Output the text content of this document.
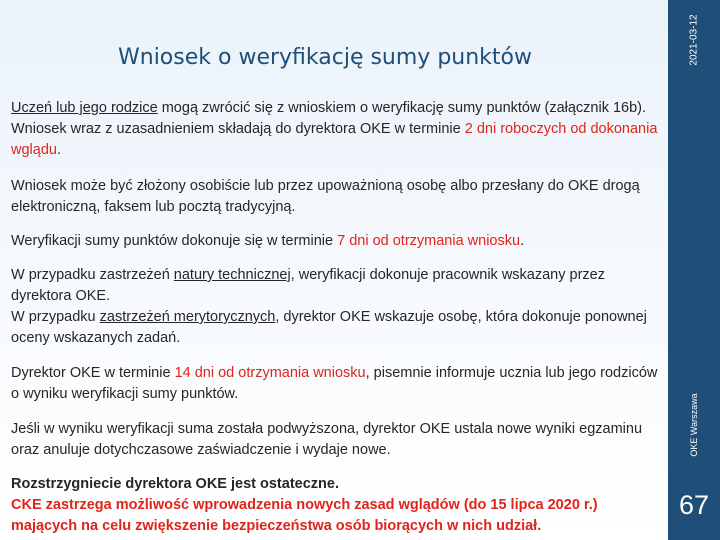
2021-03-12
OKE Warszawa
67
Wniosek o weryfikację sumy punktów

Uczeń lub jego rodzice mogą zwrócić się z wnioskiem o weryfikację sumy punktów (załącznik 16b). Wniosek wraz z uzasadnieniem składają do dyrektora OKE w terminie 2 dni roboczych od dokonania wglądu.

Wniosek może być złożony osobiście lub przez upoważnioną osobę albo przesłany do OKE drogą elektroniczną, faksem lub pocztą tradycyjną.

Weryfikacji sumy punktów dokonuje się w terminie 7 dni od otrzymania wniosku.

W przypadku zastrzeżeń natury technicznej, weryfikacji dokonuje pracownik wskazany przez dyrektora OKE.
W przypadku zastrzeżeń merytorycznych, dyrektor OKE wskazuje osobę, która dokonuje ponownej oceny wskazanych zadań.

Dyrektor OKE w terminie 14 dni od otrzymania wniosku, pisemnie informuje ucznia lub jego rodziców o wyniku weryfikacji sumy punktów.

Jeśli w wyniku weryfikacji suma została podwyższona, dyrektor OKE ustala nowe wyniki egzaminu oraz anuluje dotychczasowe zaświadczenie i wydaje nowe.

Rozstrzygniecie dyrektora OKE jest ostateczne.
CKE zastrzega możliwość wprowadzenia nowych zasad wglądów (do 15 lipca 2020 r.) mających na celu zwiększenie bezpieczeństwa osób biorących w nich udział.
